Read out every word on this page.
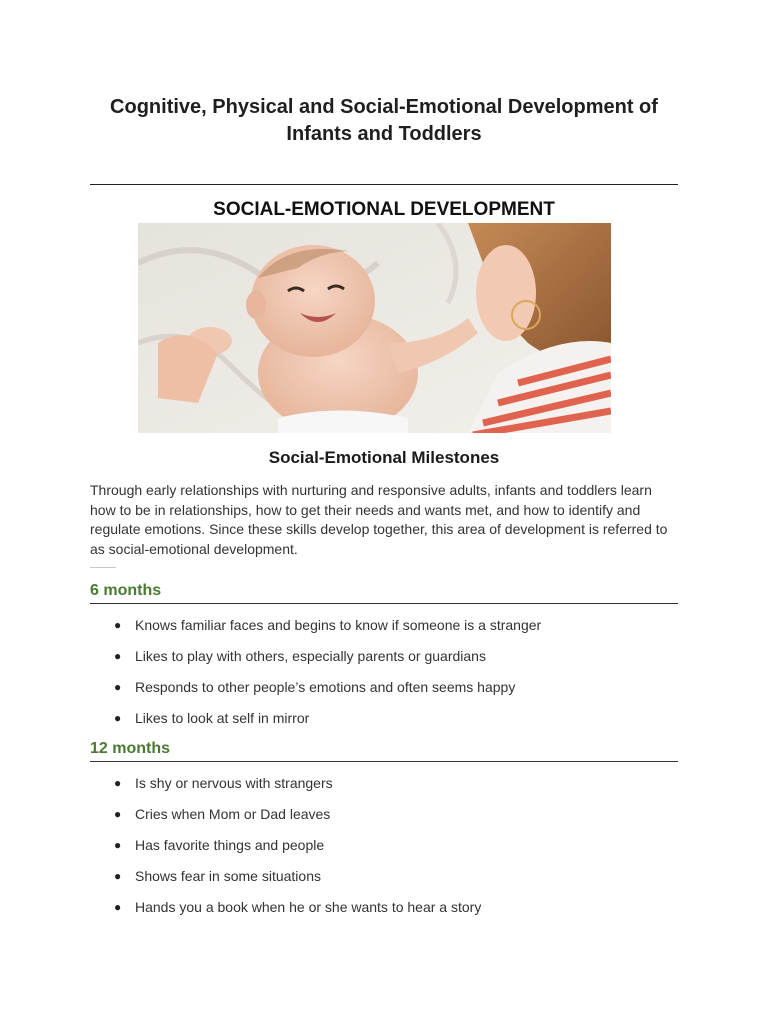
Cognitive, Physical and Social-Emotional Development of Infants and Toddlers
SOCIAL-EMOTIONAL DEVELOPMENT
Social-Emotional Milestones
Through early relationships with nurturing and responsive adults, infants and toddlers learn how to be in relationships, how to get their needs and wants met, and how to identify and regulate emotions. Since these skills develop together, this area of development is referred to as social-emotional development.
6 months
● Knows familiar faces and begins to know if someone is a stranger
● Likes to play with others, especially parents or guardians
● Responds to other people’s emotions and often seems happy
● Likes to look at self in mirror
12 months
● Is shy or nervous with strangers
● Cries when Mom or Dad leaves
● Has favorite things and people
● Shows fear in some situations
● Hands you a book when he or she wants to hear a story
